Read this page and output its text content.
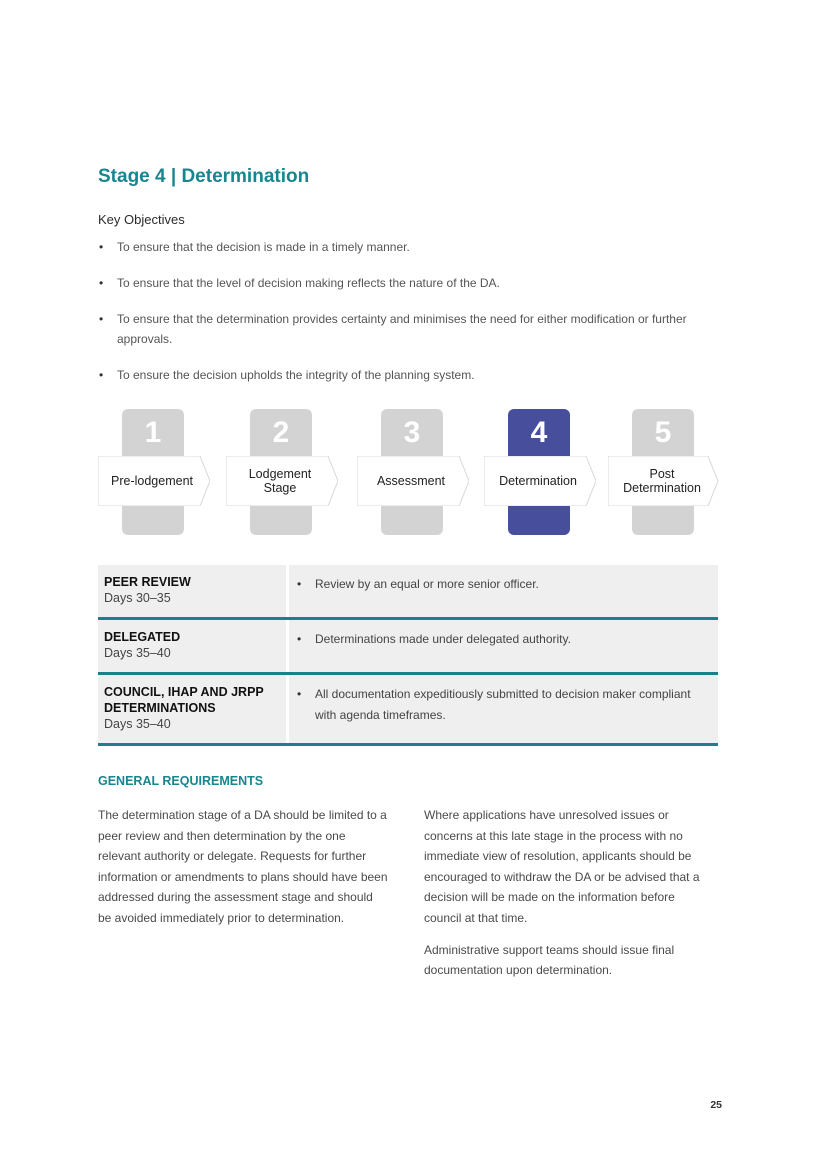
Stage 4 | Determination
Key Objectives
• To ensure that the decision is made in a timely manner.
• To ensure that the level of decision making reflects the nature of the DA.
• To ensure that the determination provides certainty and minimises the need for either modification or further approvals.
• To ensure the decision upholds the integrity of the planning system.
1
Pre-lodgement
2
Lodgement Stage
3
Assessment
4
Determination
5
Post Determination
PEER REVIEW
Days 30–35
• Review by an equal or more senior officer.
DELEGATED
Days 35–40
• Determinations made under delegated authority.
COUNCIL, IHAP AND JRPP DETERMINATIONS
Days 35–40
• All documentation expeditiously submitted to decision maker compliant with agenda timeframes.
GENERAL REQUIREMENTS

The determination stage of a DA should be limited to a peer review and then determination by the one relevant authority or delegate. Requests for further information or amendments to plans should have been addressed during the assessment stage and should be avoided immediately prior to determination.

Where applications have unresolved issues or concerns at this late stage in the process with no immediate view of resolution, applicants should be encouraged to withdraw the DA or be advised that a decision will be made on the information before council at that time.

Administrative support teams should issue final documentation upon determination.

25
